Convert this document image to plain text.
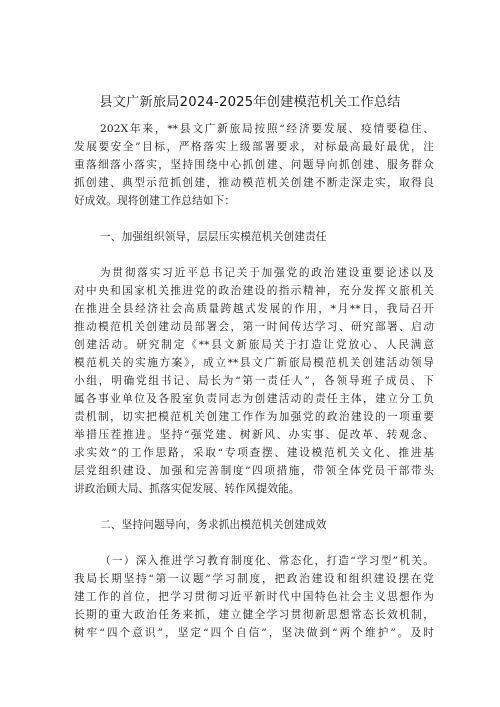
县文广新旅局2024-2025年创建模范机关工作总结
202X年来，**县文广新旅局按照“经济要发展、疫情要稳住、
发展要安全”目标，严格落实上级部署要求，对标最高最好最优，注
重落细落小落实，坚持围绕中心抓创建、问题导向抓创建、服务群众
抓创建、典型示范抓创建，推动模范机关创建不断走深走实，取得良
好成效。现将创建工作总结如下：
一、加强组织领导，层层压实模范机关创建责任
为贯彻落实习近平总书记关于加强党的政治建设重要论述以及
对中央和国家机关推进党的政治建设的指示精神，充分发挥文旅机关
在推进全县经济社会高质量跨越式发展的作用，*月**日，我局召开
推动模范机关创建动员部署会，第一时间传达学习、研究部署、启动
创建活动。研究制定《**县文新旅局关于打造让党放心、人民满意
模范机关的实施方案》，成立**县文广新旅局模范机关创建活动领导
小组，明确党组书记、局长为“第一责任人”，各领导班子成员、下
属各事业单位及各股室负责同志为创建活动的责任主体，建立分工负
责机制，切实把模范机关创建工作作为加强党的政治建设的一项重要
举措压茬推进。坚持“强党建、树新风、办实事、促改革、转观念、
求实效”的工作思路，采取“专项查摆、建设模范机关文化、推进基
层党组织建设、加强和完善制度”四项措施，带领全体党员干部带头
讲政治顾大局、抓落实促发展、转作风提效能。
二、坚持问题导向，务求抓出模范机关创建成效
（一）深入推进学习教育制度化、常态化，打造“学习型”机关。
我局长期坚持“第一议题”学习制度，把政治建设和组织建设摆在党
建工作的首位，把学习贯彻习近平新时代中国特色社会主义思想作为
长期的重大政治任务来抓，建立健全学习贯彻新思想常态长效机制，
树牢“四个意识”，坚定“四个自信”，坚决做到“两个维护”。及时
